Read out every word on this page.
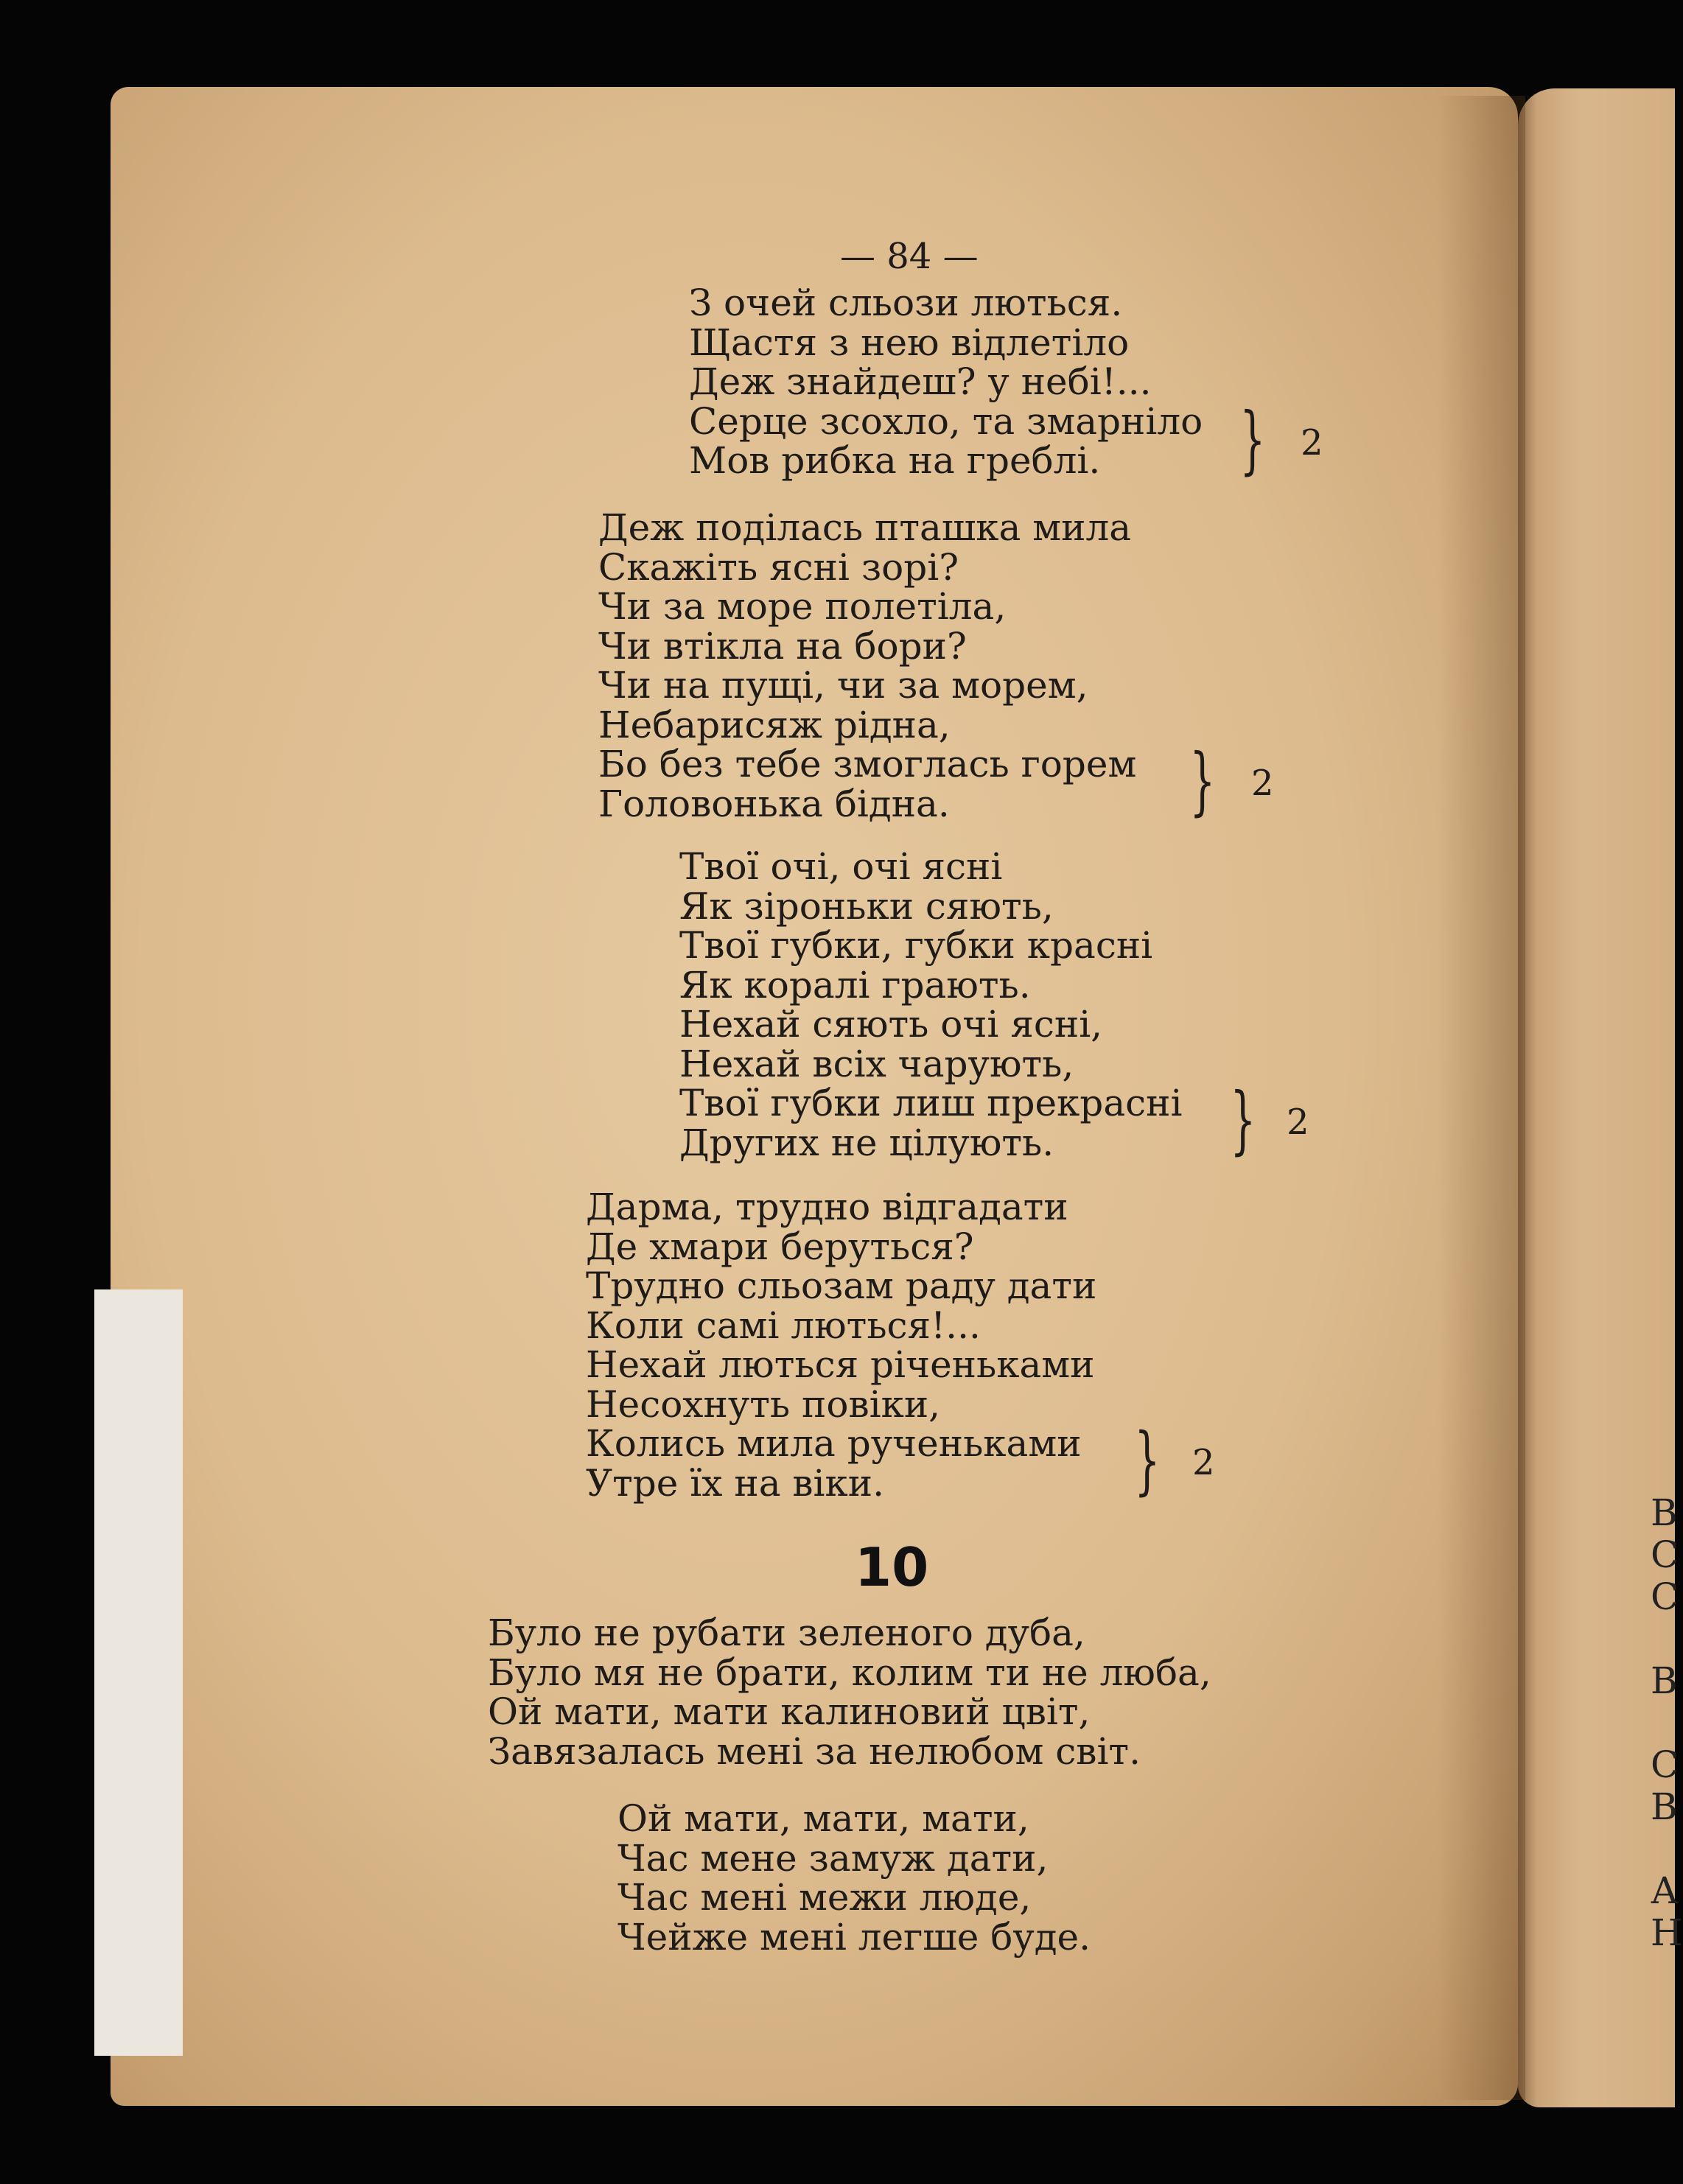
В
С
С
В
С
В
А
Н
— 84 —
З очей сльози лються.
Щастя з нею відлетіло
Деж знайдеш? у небі!...
Серце зсохло, та змарніло
Мов рибка на греблі.	} 2
Деж поділась пташка мила
Скажіть ясні зорі?
Чи за море полетіла,
Чи втікла на бори?
Чи на пущі, чи за морем,
Небарисяж рідна,
Бо без тебе змоглась горем
Головонька бідна.	} 2
Твої очі, очі ясні
Як зіроньки сяють,
Твої губки, губки красні
Як коралі грають.
Нехай сяють очі ясні,
Нехай всіх чарують,
Твої губки лиш прекрасні
Других не цілують.	} 2
Дарма, трудно відгадати
Де хмари беруться?
Трудно сльозам раду дати
Коли самі лються!...
Нехай лються річеньками
Несохнуть повіки,
Колись мила рученьками
Утре їх на віки.	} 2
10
Було не рубати зеленого дуба,
Було мя не брати, колим ти не люба,
Ой мати, мати калиновий цвіт,
Завязалась мені за нелюбом світ.
Ой мати, мати, мати,
Час мене замуж дати,
Час мені межи люде,
Чейже мені легше буде.
